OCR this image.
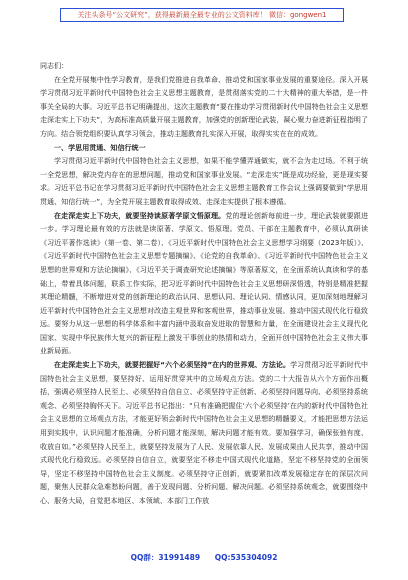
关注头条号“公文研究”，获得最新最全最专业的公文资料库！ 微信：gongwen1

同志们：

在全党开展集中性学习教育，是我们党推进自我革命、推动党和国家事业发展的重要途径。深入开展学习贯彻习近平新时代中国特色社会主义思想主题教育，是贯彻落实党的二十大精神的重大举措，是一件事关全局的大事。习近平总书记明确提出，这次主题教育“要在推动学习贯彻新时代中国特色社会主义思想走深走实上下功夫”，为高标准高质量开展主题教育，加强党的创新理论武装，凝心聚力奋进新征程指明了方向。结合领党组织要认真学习领会，推动主题教育扎实深入开展，取得实实在在的成效。

一、学思用贯通、知信行统一

学习贯彻习近平新时代中国特色社会主义思想，如果不能学懂弄通做实，就不会为走过场。不利于统一全党思想，解决党内存在的思想问题，推动党和国家事业发展。“走深走实”既是成功经验，更是现实要求。习近平总书记在学习贯彻习近平新时代中国特色社会主义思想主题教育工作会议上强调要做到“学思用贯通、知信行统一”，为全党开展主题教育取得成效、走深走实提供了根本遵循。

在走深走实上下功夫，就要坚持读原著学原文悟原理。党的理论创新每前进一步，理论武装就要跟进一步。学习理论最有效的方法就是读原著、学原文、悟原理。党员、干部在主题教育中，必须认真研读《习近平著作选读》（第一卷、第二卷）、《习近平新时代中国特色社会主义思想学习纲要（2023年版）》、《习近平新时代中国特色社会主义思想专题摘编》、《论党的自我革命》、《习近平新时代中国特色社会主义思想的世界观和方法论摘编》、《习近平关于调查研究论述摘编》等原著原文，在全面系统认真读和学的基础上，带着具体问题，联系工作实际，把习近平新时代中国特色社会主义思想研深悟透，特别是精准把握其理论精髓，不断增进对党的创新理论的政治认同、思想认同、理论认同、情感认同，更加深刻地理解习近平新时代中国特色社会主义思想对改造主观世界和客观世界，推动事业发展。推动中国式现代化行稳致远。要努力从这一思想的科学体系和丰富内涵中汲取奋发进取的智慧和力量，在全面建设社会主义现代化国家、实现中华民族伟大复兴的新征程上激发干事创业的热情和动力，全面开创中国特色社会主义伟大事业新局面。

在走深走实上下功夫，就要把握好“六个必须坚持”在内的世界观、方法论。学习贯彻习近平新时代中国特色社会主义思想，要坚持好、运用好贯穿其中的立场观点方法。党的二十大报告从六个方面作出概括，强调必须坚持人民至上、必须坚持自信自立、必须坚持守正创新、必须坚持问题导向、必须坚持系统观念、必须坚持胸怀天下。习近平总书记指出：“只有准确把握住‘六个必须坚持’在内的新时代中国特色社会主义思想的立场观点方法，才能更好领会新时代中国特色社会主义思想的精髓要义，才能把思想方法运用到实践中，认识问题才能准确，分析问题才能深刻，解决问题才能有效。要加强学习，确保张弛有度、收放自如。”必须坚持人民至上，就要坚持发展为了人民、发展依靠人民、发展成果由人民共享，推动中国式现代化行稳致远。必须坚持自信自立，就要坚定不移走中国式现代化道路，坚定不移坚持党的全面领导，坚定不移坚持中国特色社会主义制度。必须坚持守正创新，就要紧扣改革发展稳定存在的深层次问题，聚焦人民群众急难愁盼问题，善于发现问题、分析问题、解决问题。必须坚持系统观念，就要围绕中心、服务大局，自觉把本地区、本领域、本部门工作放

QQ群：31991489 QQ:535304092
